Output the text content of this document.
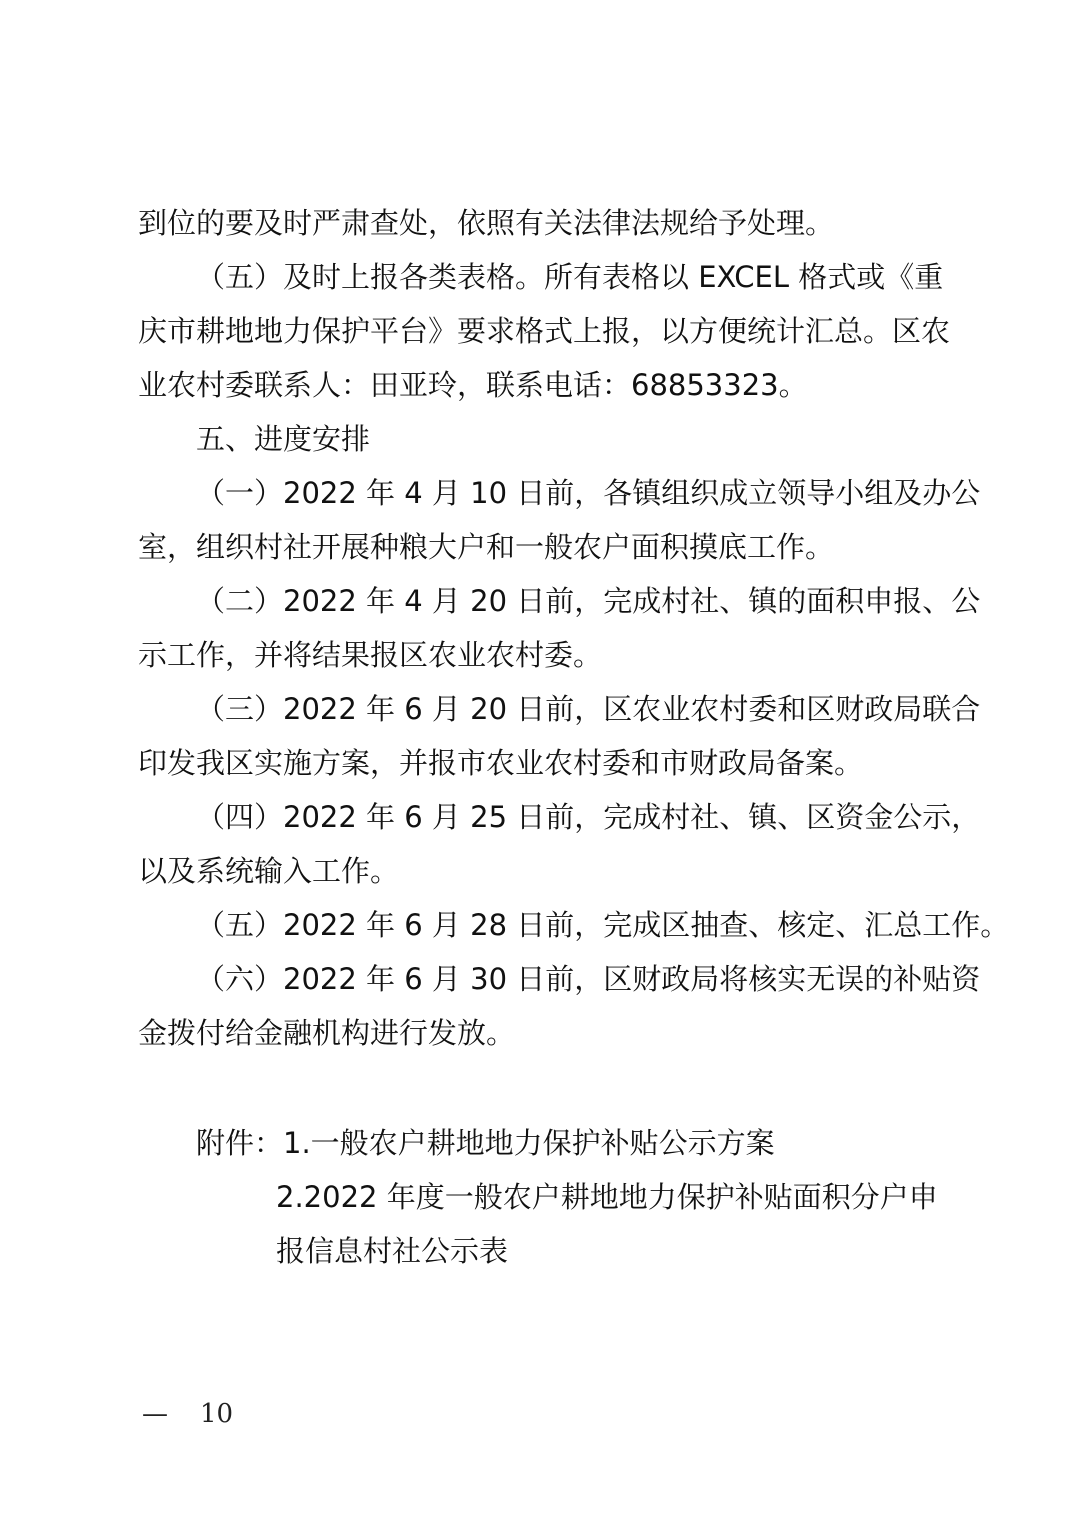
到位的要及时严肃查处，依照有关法律法规给予处理。
（五）及时上报各类表格。所有表格以 EXCEL 格式或《重
庆市耕地地力保护平台》要求格式上报，以方便统计汇总。区农
业农村委联系人：田亚玲，联系电话：68853323。
五、进度安排
（一）2022 年 4 月 10 日前，各镇组织成立领导小组及办公
室，组织村社开展种粮大户和一般农户面积摸底工作。
（二）2022 年 4 月 20 日前，完成村社、镇的面积申报、公
示工作，并将结果报区农业农村委。
（三）2022 年 6 月 20 日前，区农业农村委和区财政局联合
印发我区实施方案，并报市农业农村委和市财政局备案。
（四）2022 年 6 月 25 日前，完成村社、镇、区资金公示，
以及系统输入工作。
（五）2022 年 6 月 28 日前，完成区抽查、核定、汇总工作。
（六）2022 年 6 月 30 日前，区财政局将核实无误的补贴资
金拨付给金融机构进行发放。
附件：1.一般农户耕地地力保护补贴公示方案
2.2022 年度一般农户耕地地力保护补贴面积分户申
报信息村社公示表
— 10
